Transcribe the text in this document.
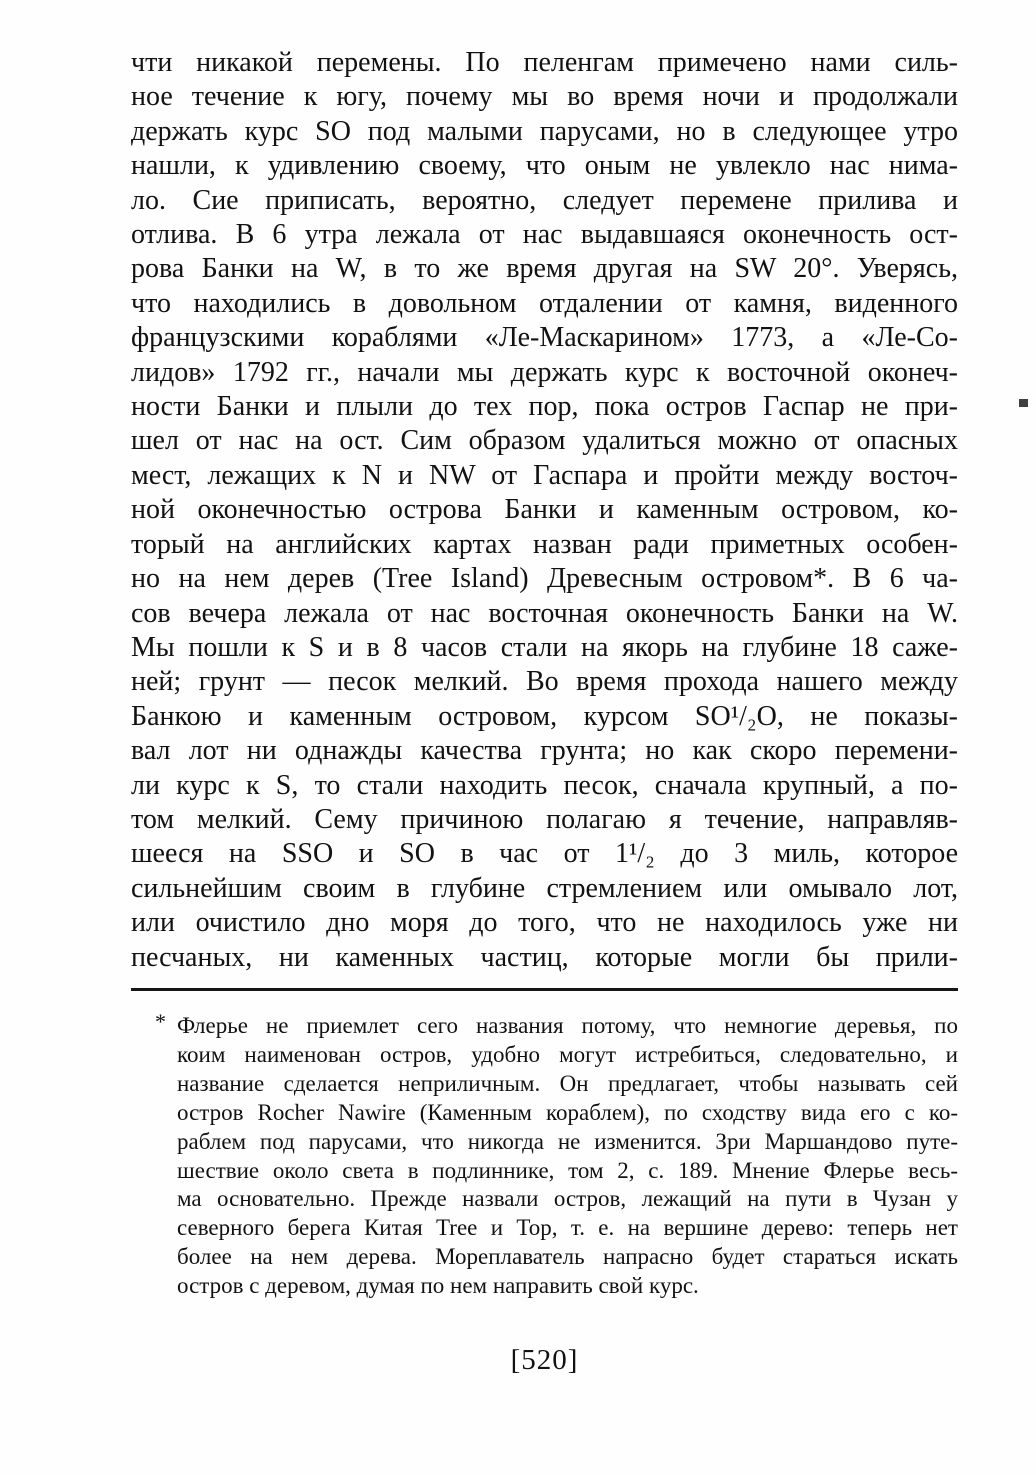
чти никакой перемены. По пеленгам примечено нами силь-
ное течение к югу, почему мы во время ночи и продолжали
держать курс SO под малыми парусами, но в следующее утро
нашли, к удивлению своему, что оным не увлекло нас нима-
ло. Сие приписать, вероятно, следует перемене прилива и
отлива. В 6 утра лежала от нас выдавшаяся оконечность ост-
рова Банки на W, в то же время другая на SW 20°. Уверясь,
что находились в довольном отдалении от камня, виденного
французскими кораблями «Ле-Маскарином» 1773, а «Ле-Со-
лидов» 1792 гг., начали мы держать курс к восточной оконеч-
ности Банки и плыли до тех пор, пока остров Гаспар не при-
шел от нас на ост. Сим образом удалиться можно от опасных
мест, лежащих к N и NW от Гаспара и пройти между восточ-
ной оконечностью острова Банки и каменным островом, ко-
торый на английских картах назван ради приметных особен-
но на нем дерев (Tree Island) Древесным островом*. В 6 ча-
сов вечера лежала от нас восточная оконечность Банки на W.
Мы пошли к S и в 8 часов стали на якорь на глубине 18 саже-
ней; грунт — песок мелкий. Во время прохода нашего между
Банкою и каменным островом, курсом SO¹/₂O, не показы-
вал лот ни однажды качества грунта; но как скоро перемени-
ли курс к S, то стали находить песок, сначала крупный, а по-
том мелкий. Сему причиною полагаю я течение, направляв-
шееся на SSO и SO в час от 1¹/₂ до 3 миль, которое
сильнейшим своим в глубине стремлением или омывало лот,
или очистило дно моря до того, что не находилось уже ни
песчаных, ни каменных частиц, которые могли бы прили-
* Флерье не приемлет сего названия потому, что немногие деревья, по
коим наименован остров, удобно могут истребиться, следовательно, и
название сделается неприличным. Он предлагает, чтобы называть сей
остров Rocher Nawire (Каменным кораблем), по сходству вида его с ко-
раблем под парусами, что никогда не изменится. Зри Маршандово путе-
шествие около света в подлиннике, том 2, с. 189. Мнение Флерье весь-
ма основательно. Прежде назвали остров, лежащий на пути в Чузан у
северного берега Китая Tree и Top, т. е. на вершине дерево: теперь нет
более на нем дерева. Мореплаватель напрасно будет стараться искать
остров с деревом, думая по нем направить свой курс.
[520]
